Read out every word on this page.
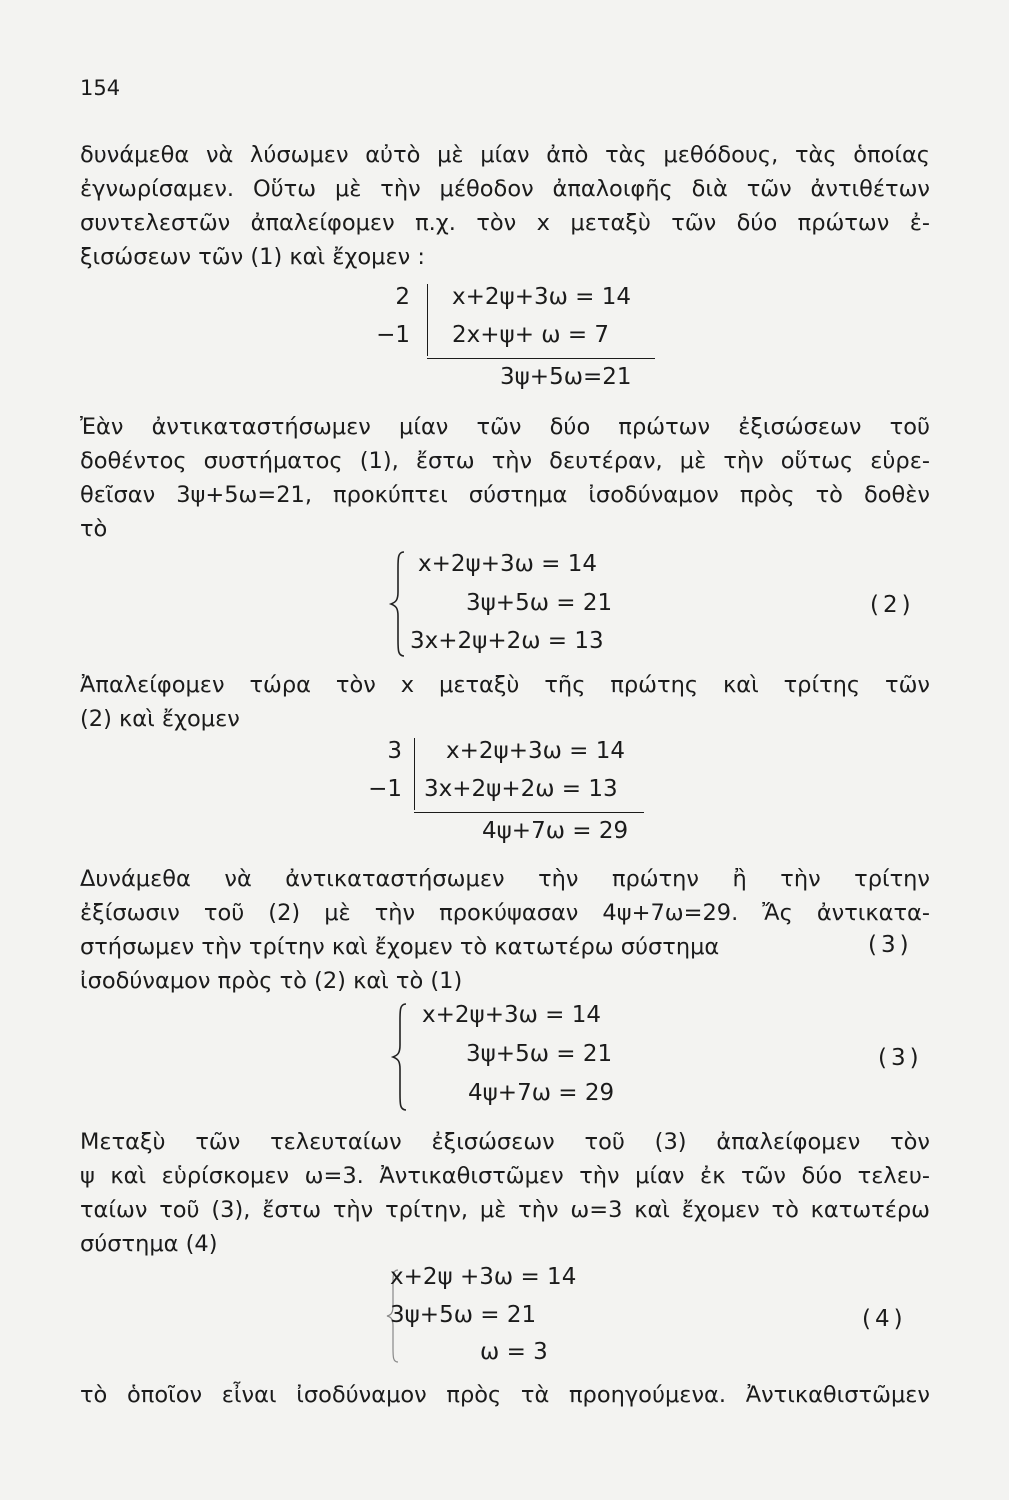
154
δυνάμεθα νὰ λύσωμεν αὐτὸ μὲ μίαν ἀπὸ τὰς μεθόδους, τὰς ὁποίας
ἐγνωρίσαμεν. Οὕτω μὲ τὴν μέθοδον ἀπαλοιφῆς διὰ τῶν ἀντιθέτων
συντελεστῶν ἀπαλείφομεν π.χ. τὸν x μεταξὺ τῶν δύο πρώτων ἐ-
ξισώσεων τῶν (1) καὶ ἔχομεν :
2
−1
x+2ψ+3ω = 14
2x+ψ+ ω = 7
3ψ+5ω=21
Ἐὰν ἀντικαταστήσωμεν μίαν τῶν δύο πρώτων ἐξισώσεων τοῦ
δοθέντος συστήματος (1), ἔστω τὴν δευτέραν, μὲ τὴν οὕτως εὑρε-
θεῖσαν 3ψ+5ω=21, προκύπτει σύστημα ἰσοδύναμον πρὸς τὸ δοθὲν
τὸ
x+2ψ+3ω = 14
3ψ+5ω = 21
3x+2ψ+2ω = 13
(2)
Ἀπαλείφομεν τώρα τὸν x μεταξὺ τῆς πρώτης καὶ τρίτης τῶν
(2) καὶ ἔχομεν
3
−1
x+2ψ+3ω = 14
3x+2ψ+2ω = 13
4ψ+7ω = 29
Δυνάμεθα νὰ ἀντικαταστήσωμεν τὴν πρώτην ἢ τὴν τρίτην
ἐξίσωσιν τοῦ (2) μὲ τὴν προκύψασαν 4ψ+7ω=29. Ἄς ἀντικατα-
στήσωμεν τὴν τρίτην καὶ ἔχομεν τὸ κατωτέρω σύστημα
ἰσοδύναμον πρὸς τὸ (2) καὶ τὸ (1)
(3)
x+2ψ+3ω = 14
3ψ+5ω = 21
4ψ+7ω = 29
(3)
Μεταξὺ τῶν τελευταίων ἐξισώσεων τοῦ (3) ἀπαλείφομεν τὸν
ψ καὶ εὑρίσκομεν ω=3. Ἀντικαθιστῶμεν τὴν μίαν ἐκ τῶν δύο τελευ-
ταίων τοῦ (3), ἔστω τὴν τρίτην, μὲ τὴν ω=3 καὶ ἔχομεν τὸ κατωτέρω
σύστημα (4)
x+2ψ +3ω = 14
3ψ+5ω = 21
ω = 3
(4)
τὸ ὁποῖον εἶναι ἰσοδύναμον πρὸς τὰ προηγούμενα. Ἀντικαθιστῶμεν
